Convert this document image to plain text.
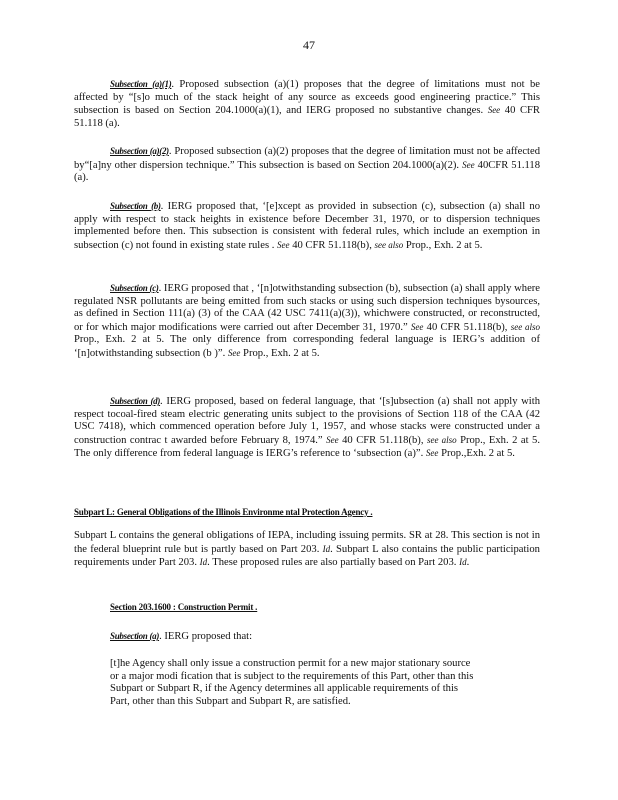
47

Subsection (a)(1). Proposed subsection (a)(1) proposes that the degree of limitations must not be affected by “[s]o much of the stack height of any source as exceeds good engineering practice.” This subsection is based on Section 204.1000(a)(1), and IERG proposed no substantive changes. See 40 CFR 51.118 (a).

Subsection (a)(2). Proposed subsection (a)(2) proposes that the degree of limitation must not be affected by“[a]ny other dispersion technique.” This subsection is based on Section 204.1000(a)(2). See 40CFR 51.118 (a).

Subsection (b). IERG proposed that, ‘[e]xcept as provided in subsection (c), subsection (a) shall no apply with respect to stack heights in existence before December 31, 1970, or to dispersion techniques implemented before then. This subsection is consistent with federal rules, which include an exemption in subsection (c) not found in existing state rules . See 40 CFR 51.118(b), see also Prop., Exh. 2 at 5.

Subsection (c). IERG proposed that , ‘[n]otwithstanding subsection (b), subsection (a) shall apply where regulated NSR pollutants are being emitted from such stacks or using such dispersion techniques bysources, as defined in Section 111(a) (3) of the CAA (42 USC 7411(a)(3)), whichwere constructed, or reconstructed, or for which major modifications were carried out after December 31, 1970.” See 40 CFR 51.118(b), see also Prop., Exh. 2 at 5. The only difference from corresponding federal language is IERG’s addition of ‘[n]otwithstanding subsection (b )”. See Prop., Exh. 2 at 5.

Subsection (d). IERG proposed, based on federal language, that ‘[s]ubsection (a) shall not apply with respect tocoal-fired steam electric generating units subject to the provisions of Section 118 of the CAA (42 USC 7418), which commenced operation before July 1, 1957, and whose stacks were constructed under a construction contrac t awarded before February 8, 1974.” See 40 CFR 51.118(b), see also Prop., Exh. 2 at 5. The only difference from federal language is IERG’s reference to ‘subsection (a)”. See Prop.,Exh. 2 at 5.

Subpart L: General Obligations of the Illinois Environme ntal Protection Agency .

Subpart L contains the general obligations of IEPA, including issuing permits. SR at 28. This section is not in the federal blueprint rule but is partly based on Part 203. Id. Subpart L also contains the public participation requirements under Part 203. Id. These proposed rules are also partially based on Part 203. Id.

Section 203.1600 : Construction Permit .

Subsection (a). IERG proposed that:

[t]he Agency shall only issue a construction permit for a new major stationary source or a major modi fication that is subject to the requirements of this Part, other than this Subpart or Subpart R, if the Agency determines all applicable requirements of this Part, other than this Subpart and Subpart R, are satisfied.
